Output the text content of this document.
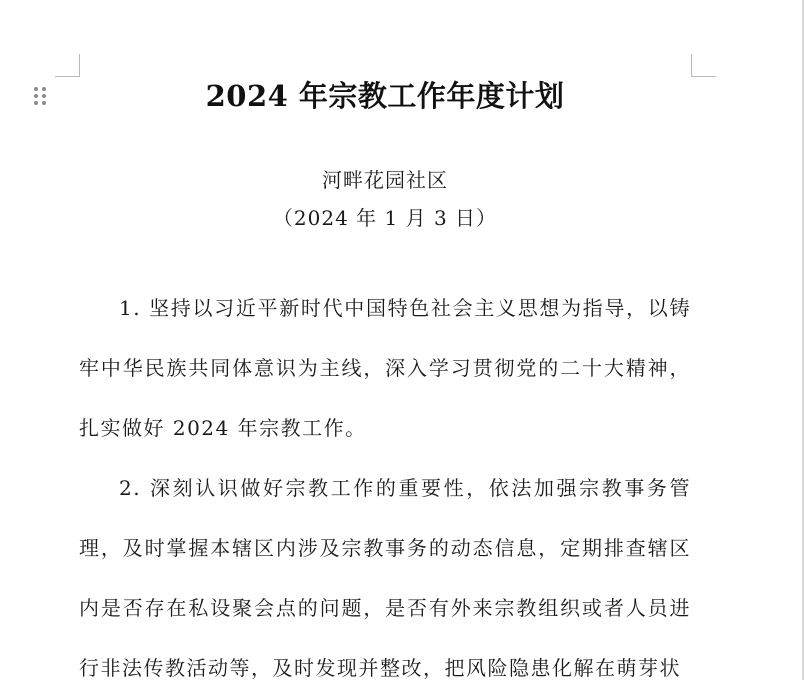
2024 年宗教工作年度计划

河畔花园社区

（2024 年 1 月 3 日）

1. 坚持以习近平新时代中国特色社会主义思想为指导，以铸牢中华民族共同体意识为主线，深入学习贯彻党的二十大精神，扎实做好 2024 年宗教工作。

2. 深刻认识做好宗教工作的重要性，依法加强宗教事务管理，及时掌握本辖区内涉及宗教事务的动态信息，定期排查辖区内是否存在私设聚会点的问题，是否有外来宗教组织或者人员进行非法传教活动等，及时发现并整改，把风险隐患化解在萌芽状
